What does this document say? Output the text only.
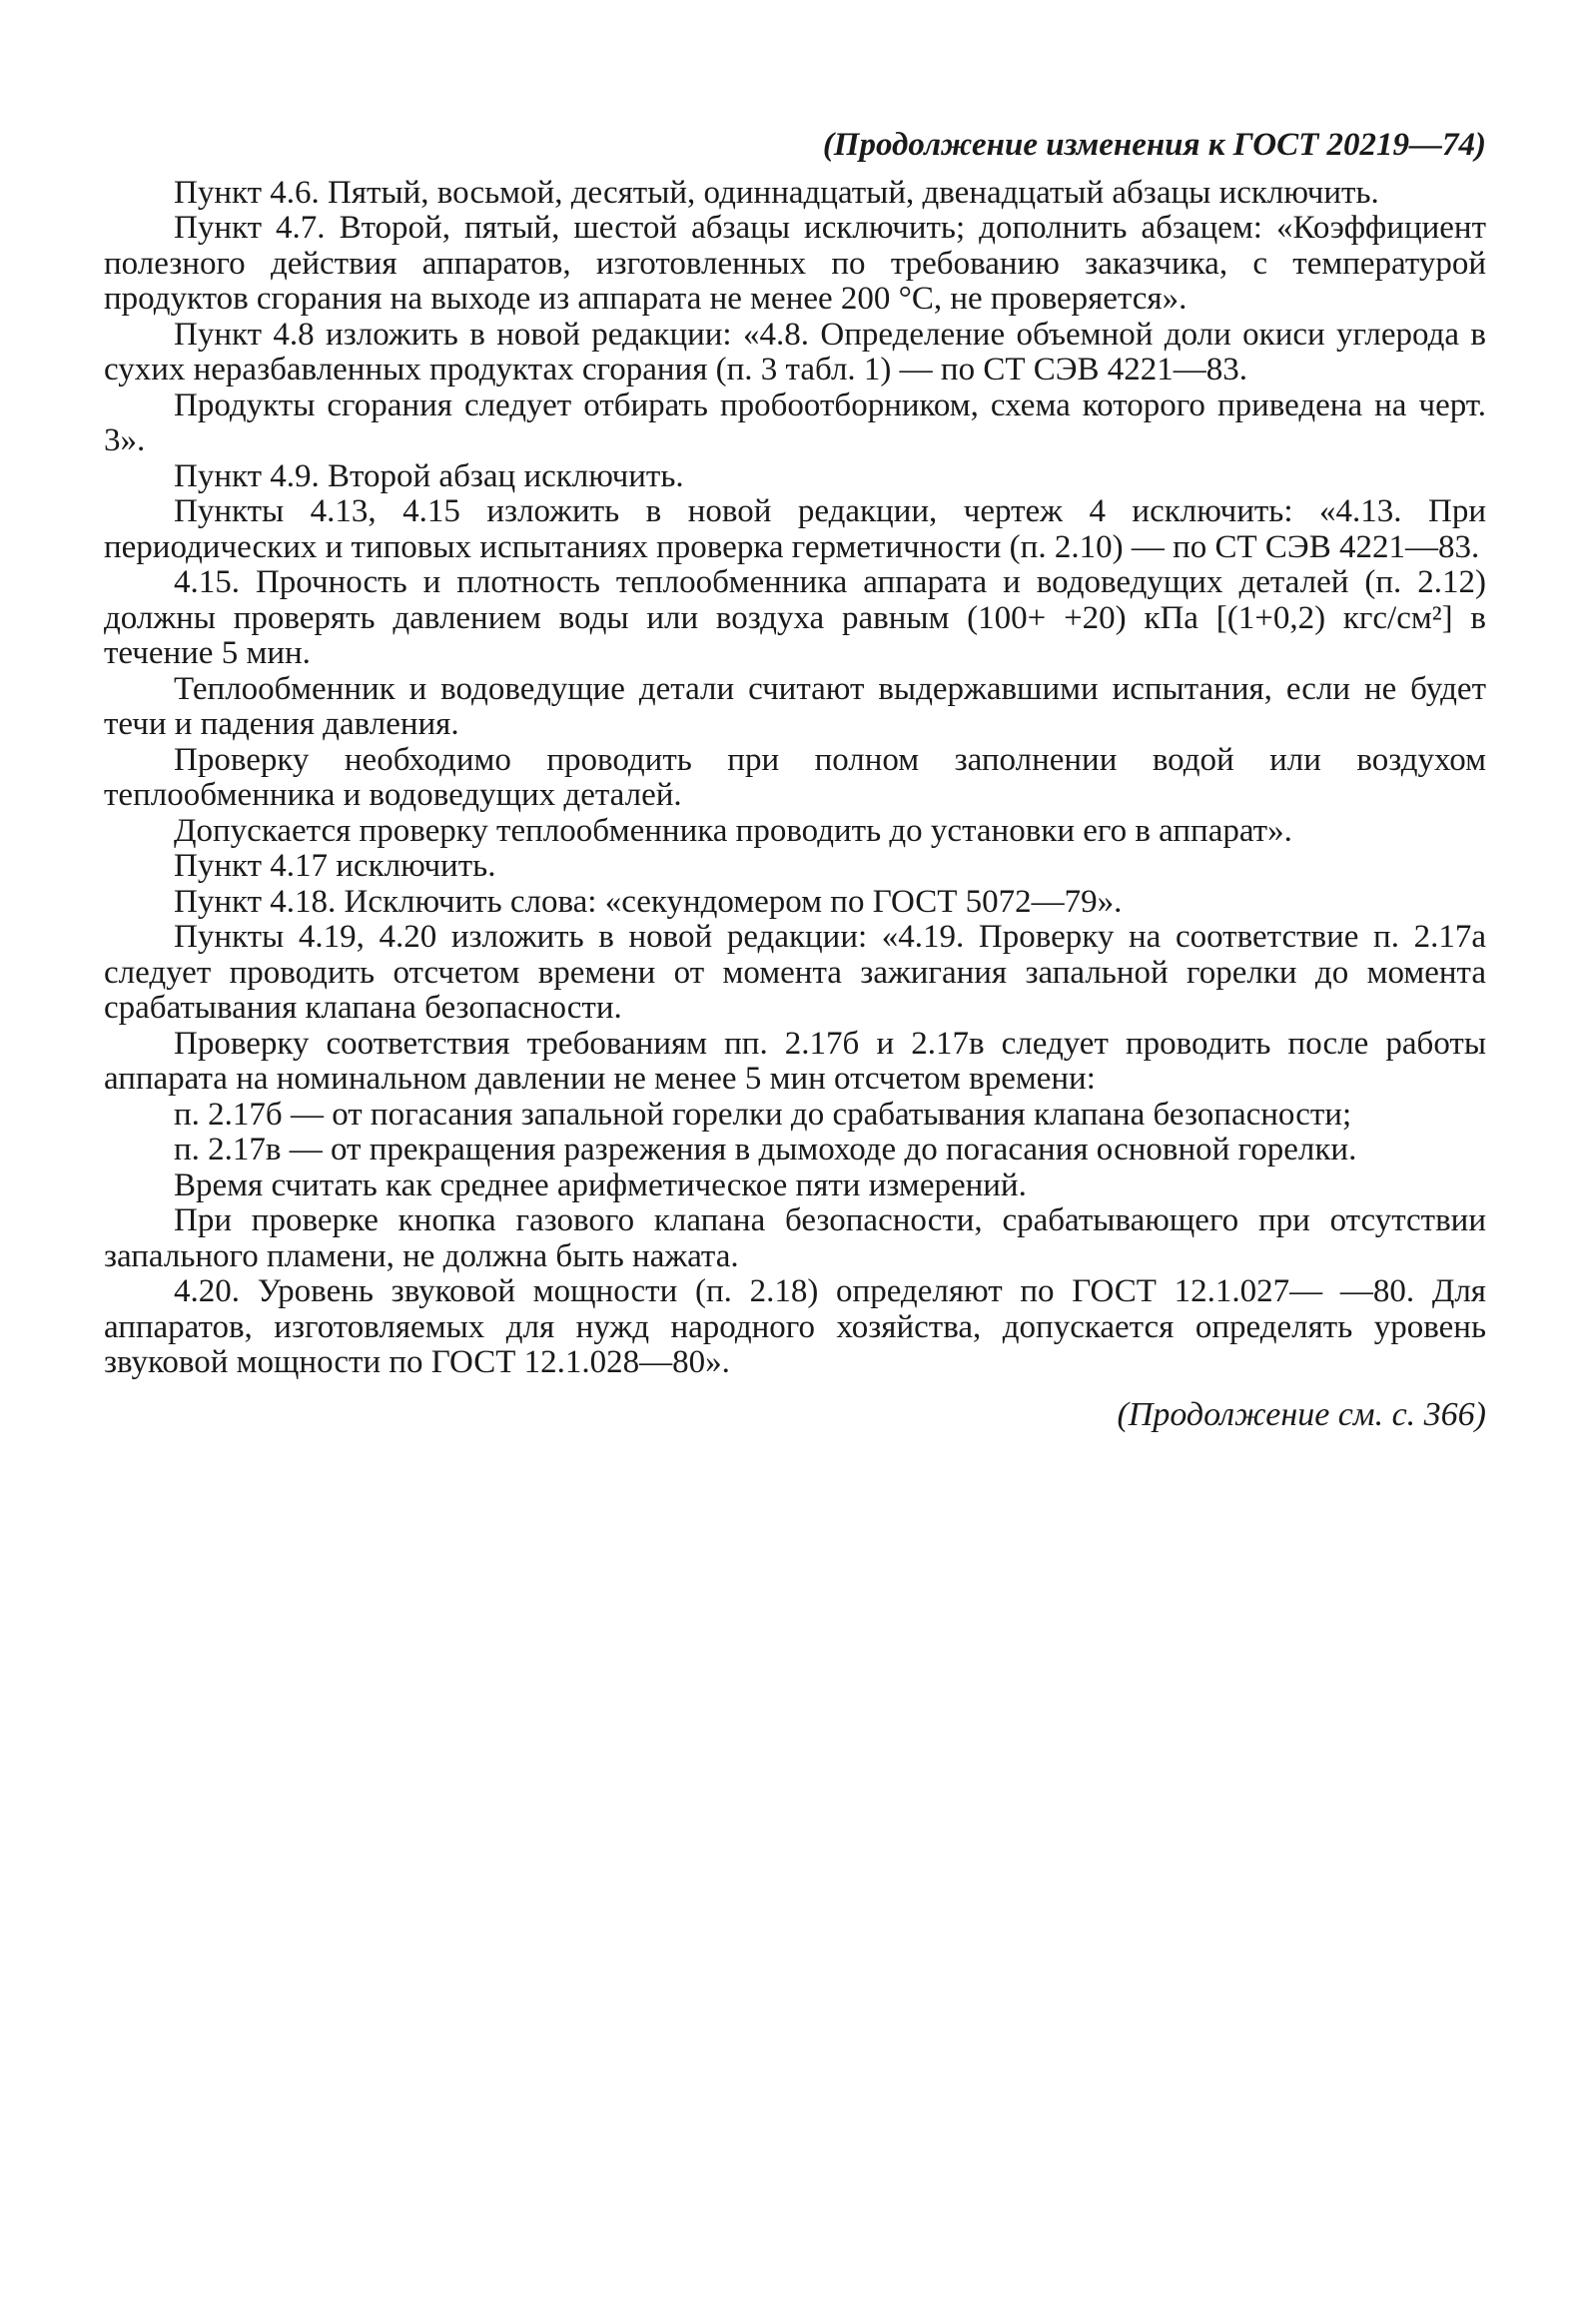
(Продолжение изменения к ГОСТ 20219—74)

Пункт 4.6. Пятый, восьмой, десятый, одиннадцатый, двенадцатый абзацы исключить.

Пункт 4.7. Второй, пятый, шестой абзацы исключить; дополнить абзацем: «Коэффициент полезного действия аппаратов, изготовленных по требованию заказчика, с температурой продуктов сгорания на выходе из аппарата не менее 200 °С, не проверяется».

Пункт 4.8 изложить в новой редакции: «4.8. Определение объемной доли окиси углерода в сухих неразбавленных продуктах сгорания (п. 3 табл. 1) — по СТ СЭВ 4221—83.

Продукты сгорания следует отбирать пробоотборником, схема которого приведена на черт. 3».

Пункт 4.9. Второй абзац исключить.

Пункты 4.13, 4.15 изложить в новой редакции, чертеж 4 исключить: «4.13. При периодических и типовых испытаниях проверка герметичности (п. 2.10) — по СТ СЭВ 4221—83.

4.15. Прочность и плотность теплообменника аппарата и водоведущих деталей (п. 2.12) должны проверять давлением воды или воздуха равным (100+ +20) кПа [(1+0,2) кгс/см²] в течение 5 мин.

Теплообменник и водоведущие детали считают выдержавшими испытания, если не будет течи и падения давления.

Проверку необходимо проводить при полном заполнении водой или воздухом теплообменника и водоведущих деталей.

Допускается проверку теплообменника проводить до установки его в аппарат».

Пункт 4.17 исключить.

Пункт 4.18. Исключить слова: «секундомером по ГОСТ 5072—79».

Пункты 4.19, 4.20 изложить в новой редакции: «4.19. Проверку на соответствие п. 2.17а следует проводить отсчетом времени от момента зажигания запальной горелки до момента срабатывания клапана безопасности.

Проверку соответствия требованиям пп. 2.17б и 2.17в следует проводить после работы аппарата на номинальном давлении не менее 5 мин отсчетом времени:

п. 2.17б — от погасания запальной горелки до срабатывания клапана безопасности;

п. 2.17в — от прекращения разрежения в дымоходе до погасания основной горелки.

Время считать как среднее арифметическое пяти измерений.

При проверке кнопка газового клапана безопасности, срабатывающего при отсутствии запального пламени, не должна быть нажата.

4.20. Уровень звуковой мощности (п. 2.18) определяют по ГОСТ 12.1.027— —80. Для аппаратов, изготовляемых для нужд народного хозяйства, допускается определять уровень звуковой мощности по ГОСТ 12.1.028—80».

(Продолжение см. с. 366)
